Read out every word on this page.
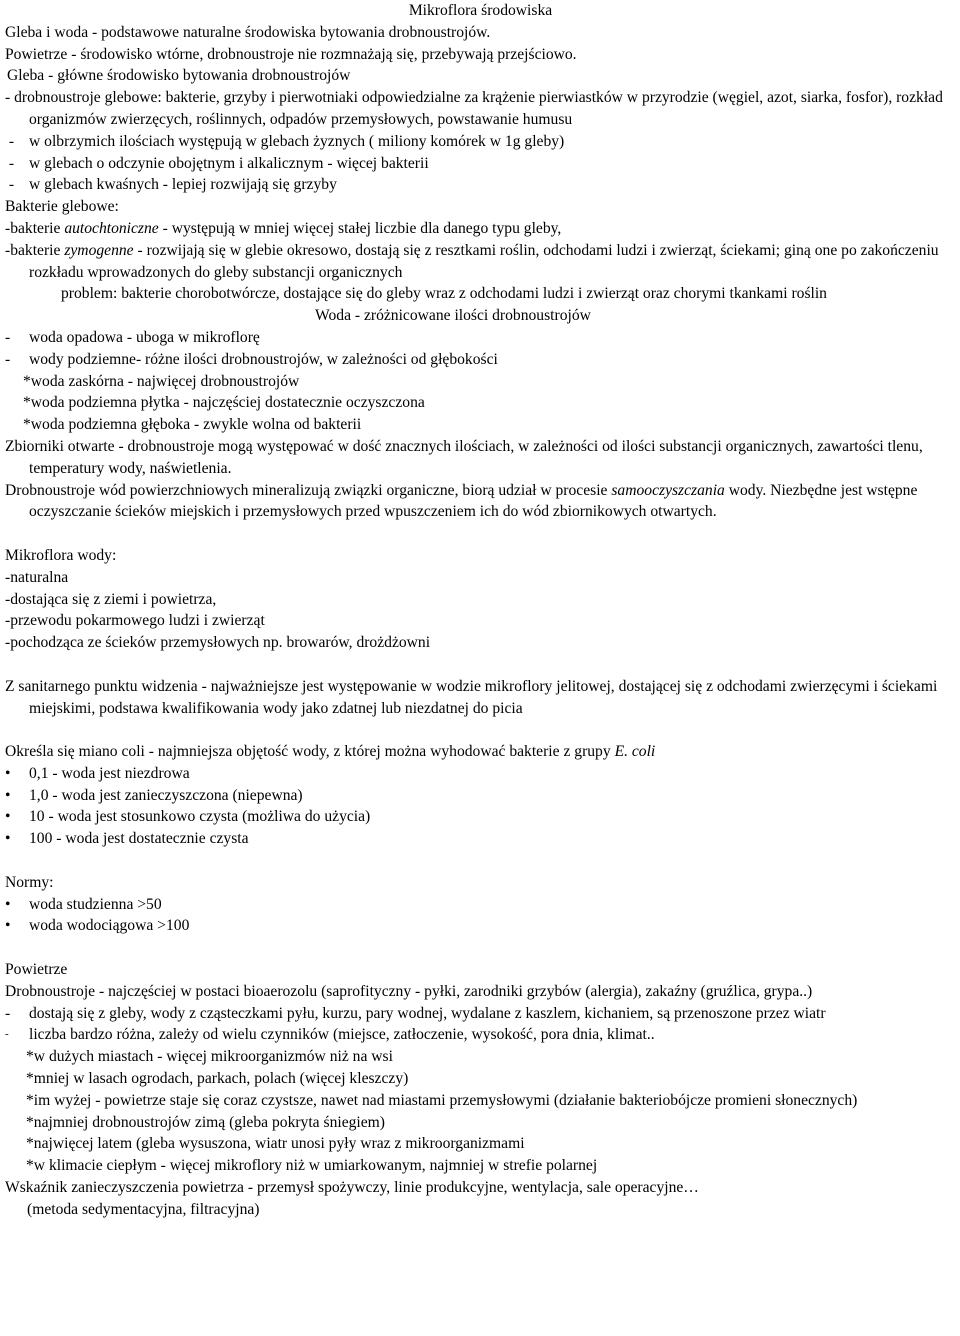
Mikroflora środowiska

Gleba i woda - podstawowe naturalne środowiska bytowania drobnoustrojów.

Powietrze - środowisko wtórne, drobnoustroje nie rozmnażają się, przebywają przejściowo.

Gleba - główne środowisko bytowania drobnoustrojów

- drobnoustroje glebowe: bakterie, grzyby i pierwotniaki odpowiedzialne za krążenie pierwiastków w przyrodzie (węgiel, azot, siarka, fosfor), rozkład organizmów zwierzęcych, roślinnych, odpadów przemysłowych, powstawanie humusu

- w olbrzymich ilościach występują w glebach żyznych ( miliony komórek w 1g gleby)
- w glebach o odczynie obojętnym i alkalicznym - więcej bakterii
- w glebach kwaśnych - lepiej rozwijają się grzyby

Bakterie glebowe:

-bakterie autochtoniczne - występują w mniej więcej stałej liczbie dla danego typu gleby,

-bakterie zymogenne - rozwijają się w glebie okresowo, dostają się z resztkami roślin, odchodami ludzi i zwierząt, ściekami; giną one po zakończeniu rozkładu wprowadzonych do gleby substancji organicznych

problem: bakterie chorobotwórcze, dostające się do gleby wraz z odchodami ludzi i zwierząt oraz chorymi tkankami roślin

Woda - zróżnicowane ilości drobnoustrojów

-	woda opadowa - uboga w mikroflorę
-	wody podziemne- różne ilości drobnoustrojów, w zależności od głębokości

*woda zaskórna - najwięcej drobnoustrojów

*woda podziemna płytka - najczęściej dostatecznie oczyszczona

*woda podziemna głęboka - zwykle wolna od bakterii

Zbiorniki otwarte - drobnoustroje mogą występować w dość znacznych ilościach, w zależności od ilości substancji organicznych, zawartości tlenu, temperatury wody, naświetlenia.

Drobnoustroje wód powierzchniowych mineralizują związki organiczne, biorą udział w procesie samooczyszczania wody. Niezbędne jest wstępne oczyszczanie ścieków miejskich i przemysłowych przed wpuszczeniem ich do wód zbiornikowych otwartych.

Mikroflora wody:

-naturalna

-dostająca się z ziemi i powietrza,

-przewodu pokarmowego ludzi i zwierząt

-pochodząca ze ścieków przemysłowych np. browarów, drożdżowni

Z sanitarnego punktu widzenia - najważniejsze jest występowanie w wodzie mikroflory jelitowej, dostającej się z odchodami zwierzęcymi i ściekami miejskimi, podstawa kwalifikowania wody jako zdatnej lub niezdatnej do picia

Określa się miano coli - najmniejsza objętość wody, z której można wyhodować bakterie z grupy E. coli

•	0,1 - woda jest niezdrowa
•	1,0 - woda jest zanieczyszczona (niepewna)
•	10 - woda jest stosunkowo czysta (możliwa do użycia)
•	100 - woda jest dostatecznie czysta

Normy:

•	woda studzienna >50
•	woda wodociągowa >100

Powietrze

Drobnoustroje - najczęściej w postaci bioaerozolu (saprofityczny - pyłki, zarodniki grzybów (alergia), zakaźny (gruźlica, grypa..)

-	dostają się z gleby, wody z cząsteczkami pyłu, kurzu, pary wodnej, wydalane z kaszlem, kichaniem, są przenoszone przez wiatr
-	liczba bardzo różna, zależy od wielu czynników (miejsce, zatłoczenie, wysokość, pora dnia, klimat..

*w dużych miastach - więcej mikroorganizmów niż na wsi

*mniej w lasach ogrodach, parkach, polach (więcej kleszczy)

*im wyżej - powietrze staje się coraz czystsze, nawet nad miastami przemysłowymi (działanie bakteriobójcze promieni słonecznych)

*najmniej drobnoustrojów zimą (gleba pokryta śniegiem)

*najwięcej latem (gleba wysuszona, wiatr unosi pyły wraz z mikroorganizmami

*w klimacie ciepłym - więcej mikroflory niż w umiarkowanym, najmniej w strefie polarnej

Wskaźnik zanieczyszczenia powietrza - przemysł spożywczy, linie produkcyjne, wentylacja, sale operacyjne…

(metoda sedymentacyjna, filtracyjna)
